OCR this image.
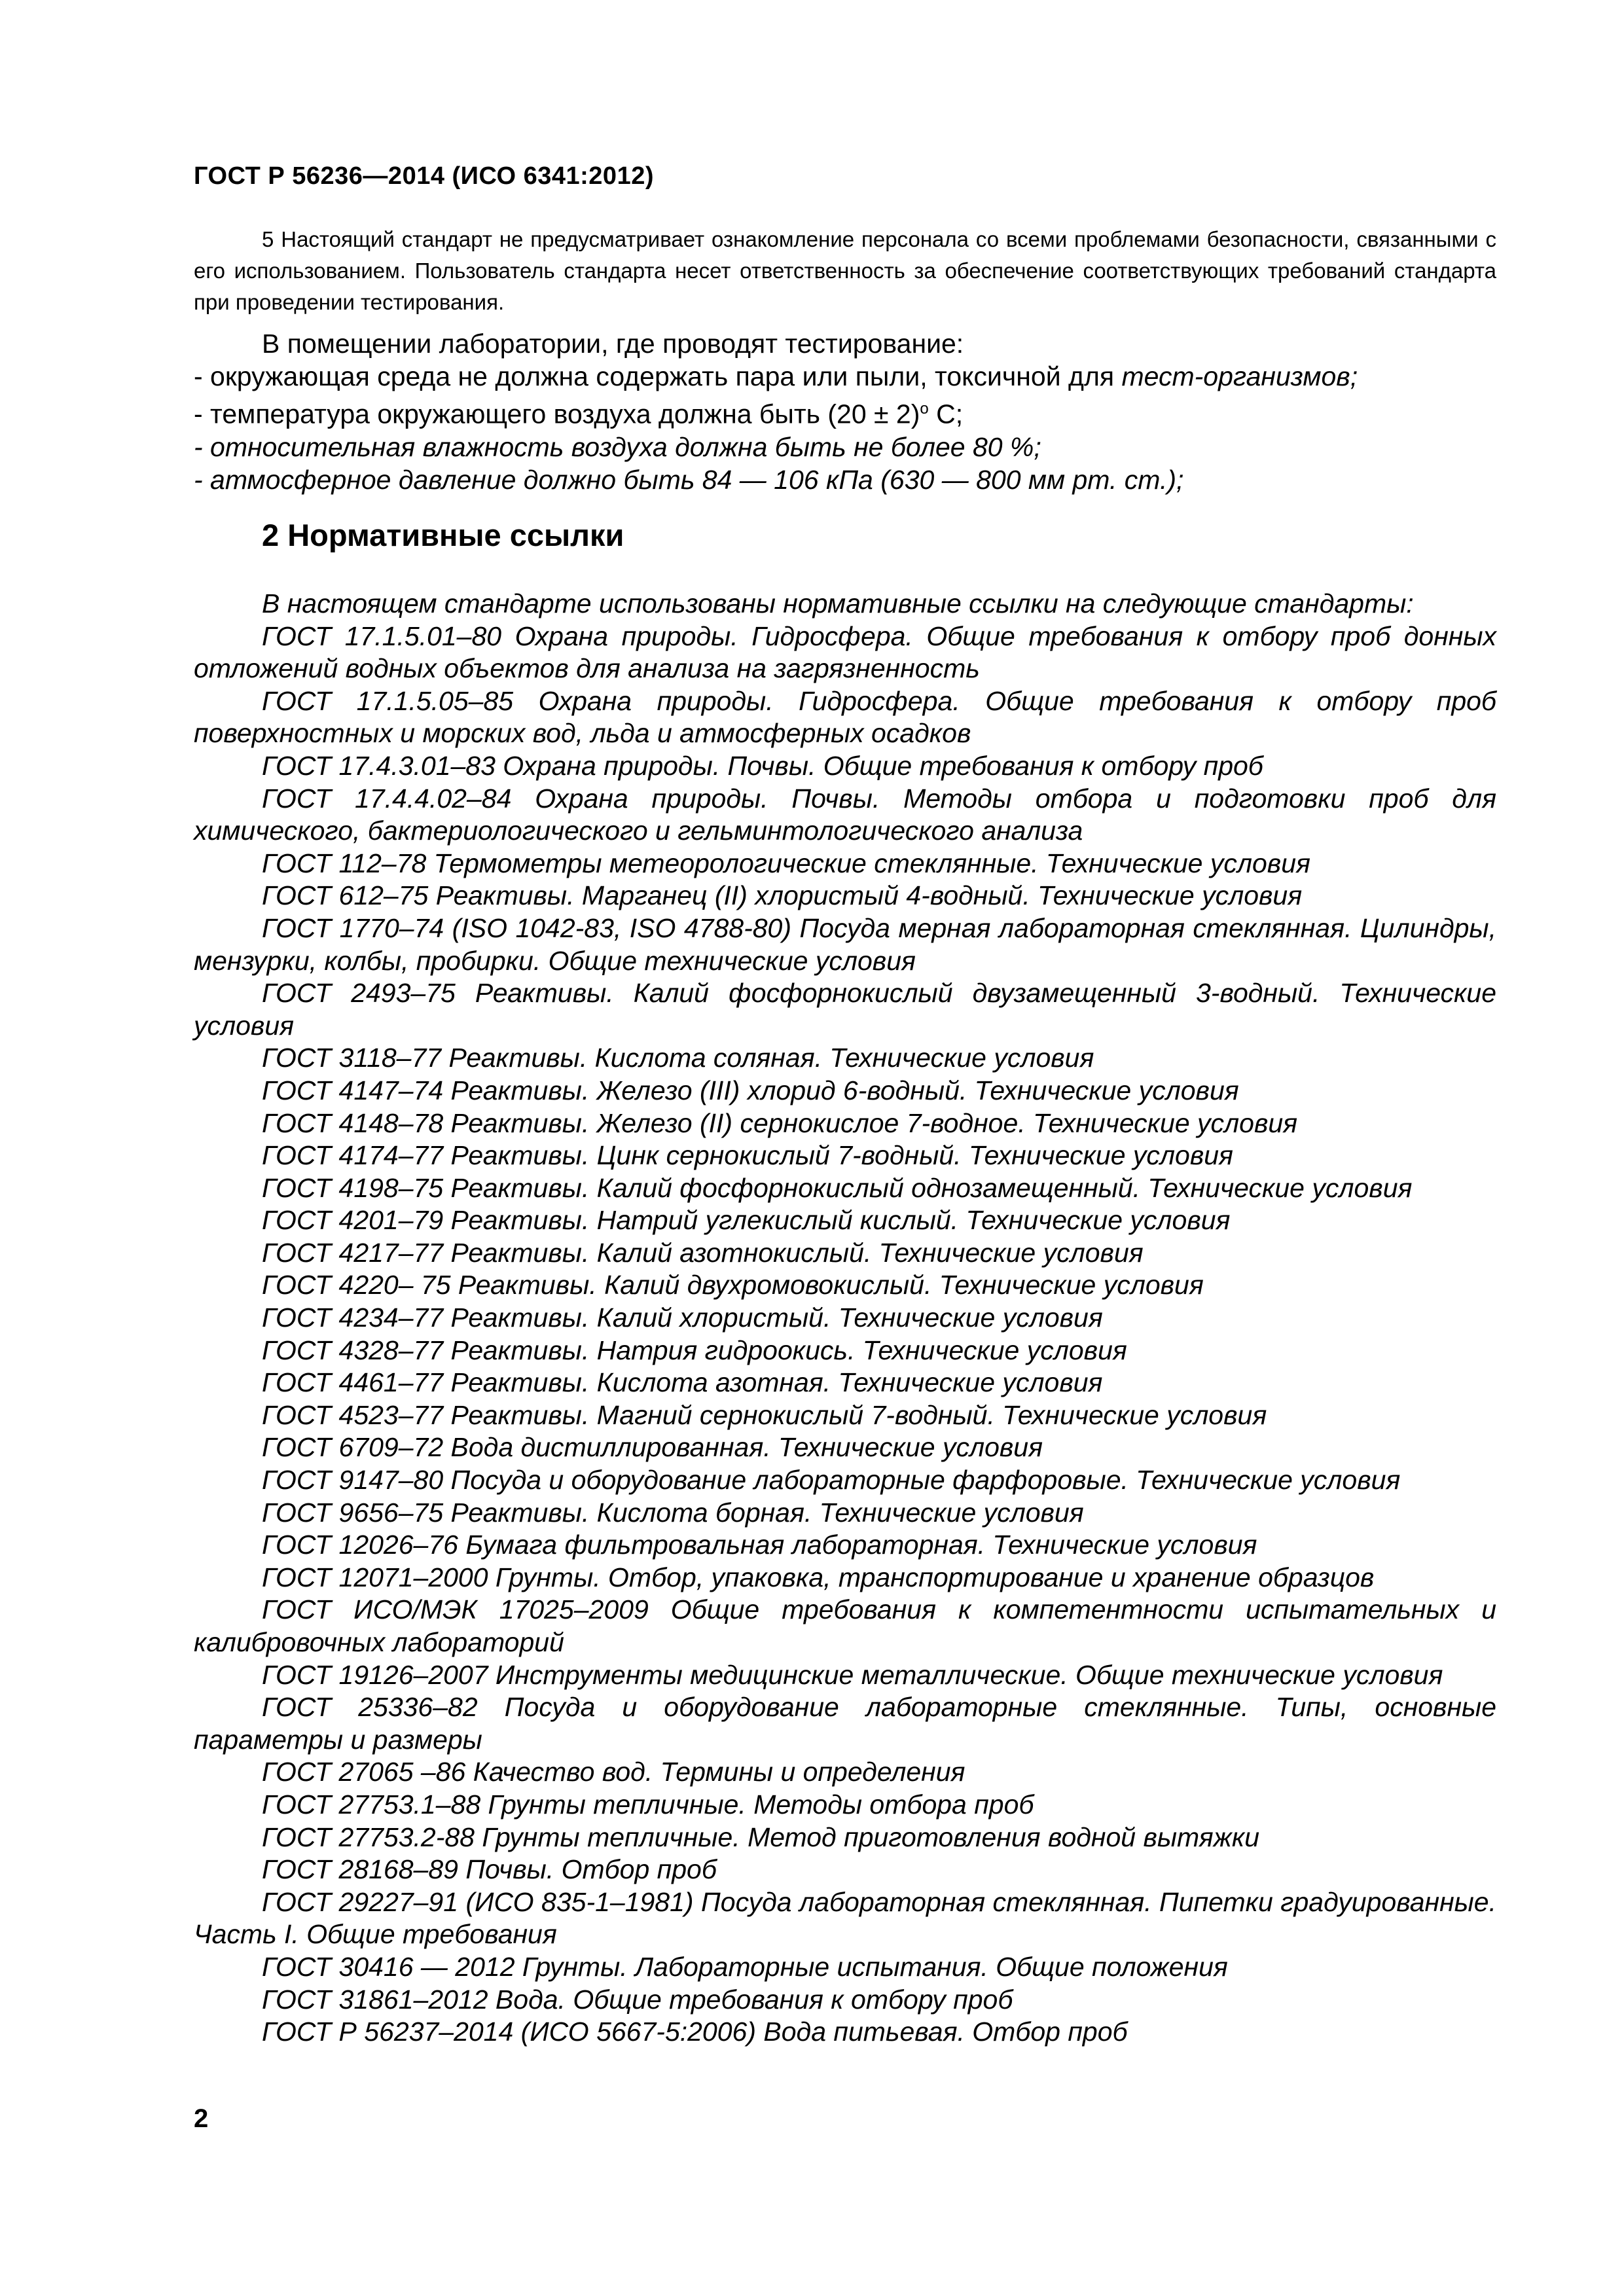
ГОСТ Р 56236—2014 (ИСО 6341:2012)

5 Настоящий стандарт не предусматривает ознакомление персонала со всеми проблемами безопасности, связанными с его использованием. Пользователь стандарта несет ответственность за обеспечение соответствующих требований стандарта при проведении тестирования.

В помещении лаборатории, где проводят тестирование:

- окружающая среда не должна содержать пара или пыли, токсичной для тест-организмов;

- температура окружающего воздуха должна быть $(20 \pm 2)^o$ С;

- относительная влажность воздуха должна быть не более 80 %;

- атмосферное давление должно быть 84 — 106 кПа (630 — 800 мм рт. ст.);

2 Нормативные ссылки

В настоящем стандарте использованы нормативные ссылки на следующие стандарты:

ГОСТ 17.1.5.01–80 Охрана природы. Гидросфера. Общие требования к отбору проб донных отложений водных объектов для анализа на загрязненность

ГОСТ 17.1.5.05–85 Охрана природы. Гидросфера. Общие требования к отбору проб поверхностных и морских вод, льда и атмосферных осадков

ГОСТ 17.4.3.01–83 Охрана природы. Почвы. Общие требования к отбору проб

ГОСТ 17.4.4.02–84 Охрана природы. Почвы. Методы отбора и подготовки проб для химического, бактериологического и гельминтологического анализа

ГОСТ 112–78 Термометры метеорологические стеклянные. Технические условия

ГОСТ 612–75 Реактивы. Марганец (II) хлористый 4-водный. Технические условия

ГОСТ 1770–74 (ISO 1042-83, ISO 4788-80) Посуда мерная лабораторная стеклянная. Цилиндры, мензурки, колбы, пробирки. Общие технические условия

ГОСТ 2493–75 Реактивы. Калий фосфорнокислый двузамещенный 3-водный. Технические условия

ГОСТ 3118–77 Реактивы. Кислота соляная. Технические условия

ГОСТ 4147–74 Реактивы. Железо (III) хлорид 6-водный. Технические условия

ГОСТ 4148–78 Реактивы. Железо (II) сернокислое 7-водное. Технические условия

ГОСТ 4174–77 Реактивы. Цинк сернокислый 7-водный. Технические условия

ГОСТ 4198–75 Реактивы. Калий фосфорнокислый однозамещенный. Технические условия

ГОСТ 4201–79 Реактивы. Натрий углекислый кислый. Технические условия

ГОСТ 4217–77 Реактивы. Калий азотнокислый. Технические условия

ГОСТ 4220– 75 Реактивы. Калий двухромовокислый. Технические условия

ГОСТ 4234–77 Реактивы. Калий хлористый. Технические условия

ГОСТ 4328–77 Реактивы. Натрия гидроокись. Технические условия

ГОСТ 4461–77 Реактивы. Кислота азотная. Технические условия

ГОСТ 4523–77 Реактивы. Магний сернокислый 7-водный. Технические условия

ГОСТ 6709–72 Вода дистиллированная. Технические условия

ГОСТ 9147–80 Посуда и оборудование лабораторные фарфоровые. Технические условия

ГОСТ 9656–75 Реактивы. Кислота борная. Технические условия

ГОСТ 12026–76 Бумага фильтровальная лабораторная. Технические условия

ГОСТ 12071–2000 Грунты. Отбор, упаковка, транспортирование и хранение образцов

ГОСТ ИСО/МЭК 17025–2009 Общие требования к компетентности испытательных и калибровочных лабораторий

ГОСТ 19126–2007 Инструменты медицинские металлические. Общие технические условия

ГОСТ 25336–82 Посуда и оборудование лабораторные стеклянные. Типы, основные параметры и размеры

ГОСТ 27065 –86 Качество вод. Термины и определения

ГОСТ 27753.1–88 Грунты тепличные. Методы отбора проб

ГОСТ 27753.2-88 Грунты тепличные. Метод приготовления водной вытяжки

ГОСТ 28168–89 Почвы. Отбор проб

ГОСТ 29227–91 (ИСО 835-1–1981) Посуда лабораторная стеклянная. Пипетки градуированные. Часть I. Общие требования

ГОСТ 30416 — 2012 Грунты. Лабораторные испытания. Общие положения

ГОСТ 31861–2012 Вода. Общие требования к отбору проб

ГОСТ Р 56237–2014 (ИСО 5667-5:2006) Вода питьевая. Отбор проб

2
